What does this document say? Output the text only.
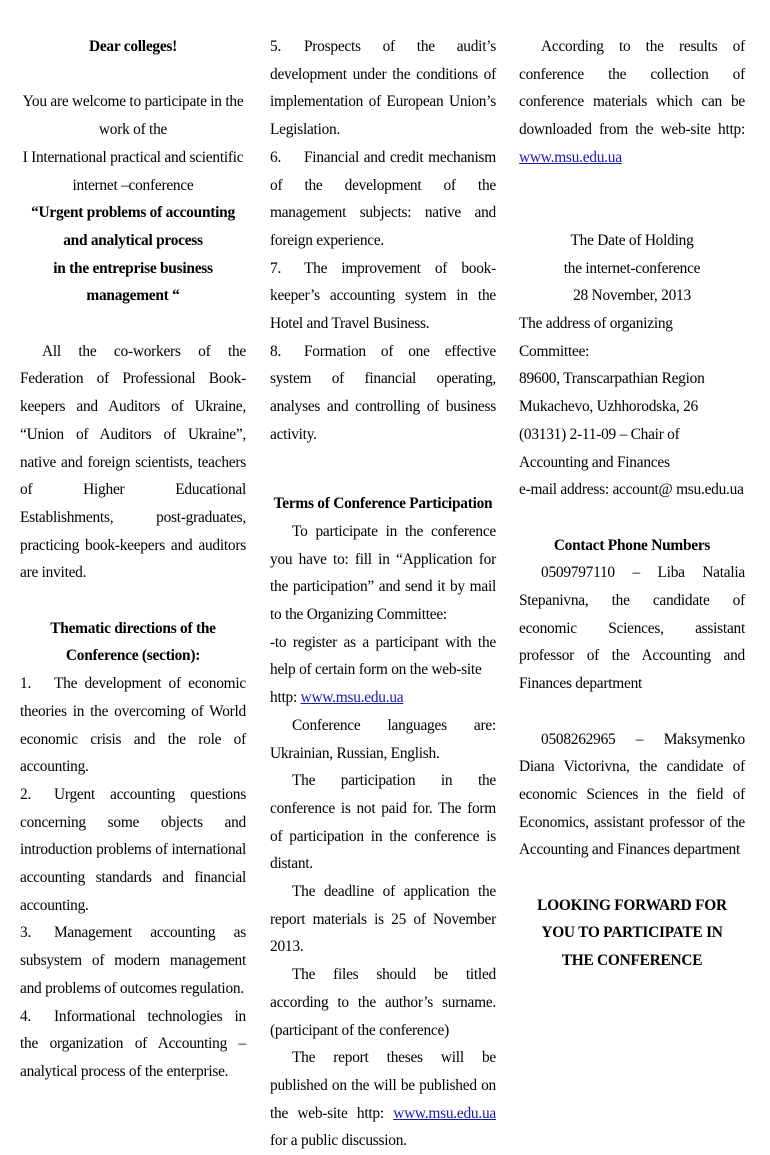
Dear colleges!

You are welcome to participate in the work of the

I International practical and scientific internet –conference

“Urgent problems of accounting and analytical process

in the entreprise business management “

All the co-workers of the Federation of Professional Book-keepers and Auditors of Ukraine, “Union of Auditors of Ukraine”, native and foreign scientists, teachers of Higher Educational Establishments, post-graduates, practicing book-keepers and auditors are invited.

Thematic directions of the Conference (section):

1. The development of economic theories in the overcoming of World economic crisis and the role of accounting.

2. Urgent accounting questions concerning some objects and introduction problems of international accounting standards and financial accounting.

3. Management accounting as subsystem of modern management and problems of outcomes regulation.

4. Informational technologies in the organization of Accounting –analytical process of the enterprise.

5. Prospects of the audit’s development under the conditions of implementation of European Union’s Legislation.

6. Financial and credit mechanism of the development of the management subjects: native and foreign experience.

7. The improvement of book-keeper’s accounting system in the Hotel and Travel Business.

8. Formation of one effective system of financial operating, analyses and controlling of business activity.

Terms of Conference Participation

To participate in the conference you have to: fill in “Application for the participation” and send it by mail to the Organizing Committee:

-to register as a participant with the help of certain form on the web-site
http: www.msu.edu.ua

Conference languages are: Ukrainian, Russian, English.

The participation in the conference is not paid for. The form of participation in the conference is distant.

The deadline of application the report materials is 25 of November 2013.

The files should be titled according to the author’s surname. (participant of the conference)

The report theses will be published on the will be published on the web-site http: www.msu.edu.ua for a public discussion.

According to the results of conference the collection of conference materials which can be downloaded from the web-site http: www.msu.edu.ua

The Date of Holding

the internet-conference

28 November, 2013

The address of organizing Committee:

89600, Transcarpathian Region

Mukachevo, Uzhhorodska, 26

(03131) 2-11-09 – Chair of Accounting and Finances

e-mail address: account@ msu.edu.ua

Contact Phone Numbers

0509797110 – Liba Natalia Stepanivna, the candidate of economic Sciences, assistant professor of the Accounting and Finances department

0508262965 – Maksymenko Diana Victorivna, the candidate of economic Sciences in the field of Economics, assistant professor of the Accounting and Finances department

LOOKING FORWARD FOR YOU TO PARTICIPATE IN THE CONFERENCE
